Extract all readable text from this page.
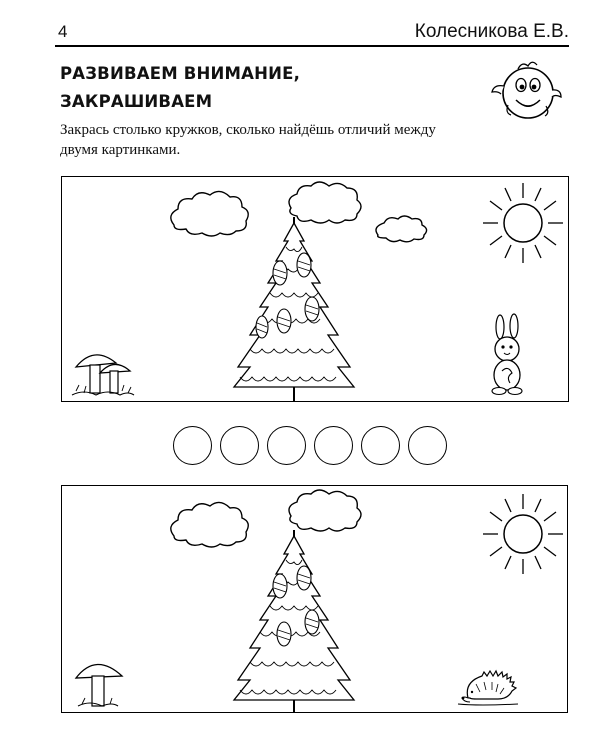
4	Колесникова Е.В.
РАЗВИВАЕМ ВНИМАНИЕ,
ЗАКРАШИВАЕМ
Закрась столько кружков, сколько найдёшь отличий между
двумя картинками.
